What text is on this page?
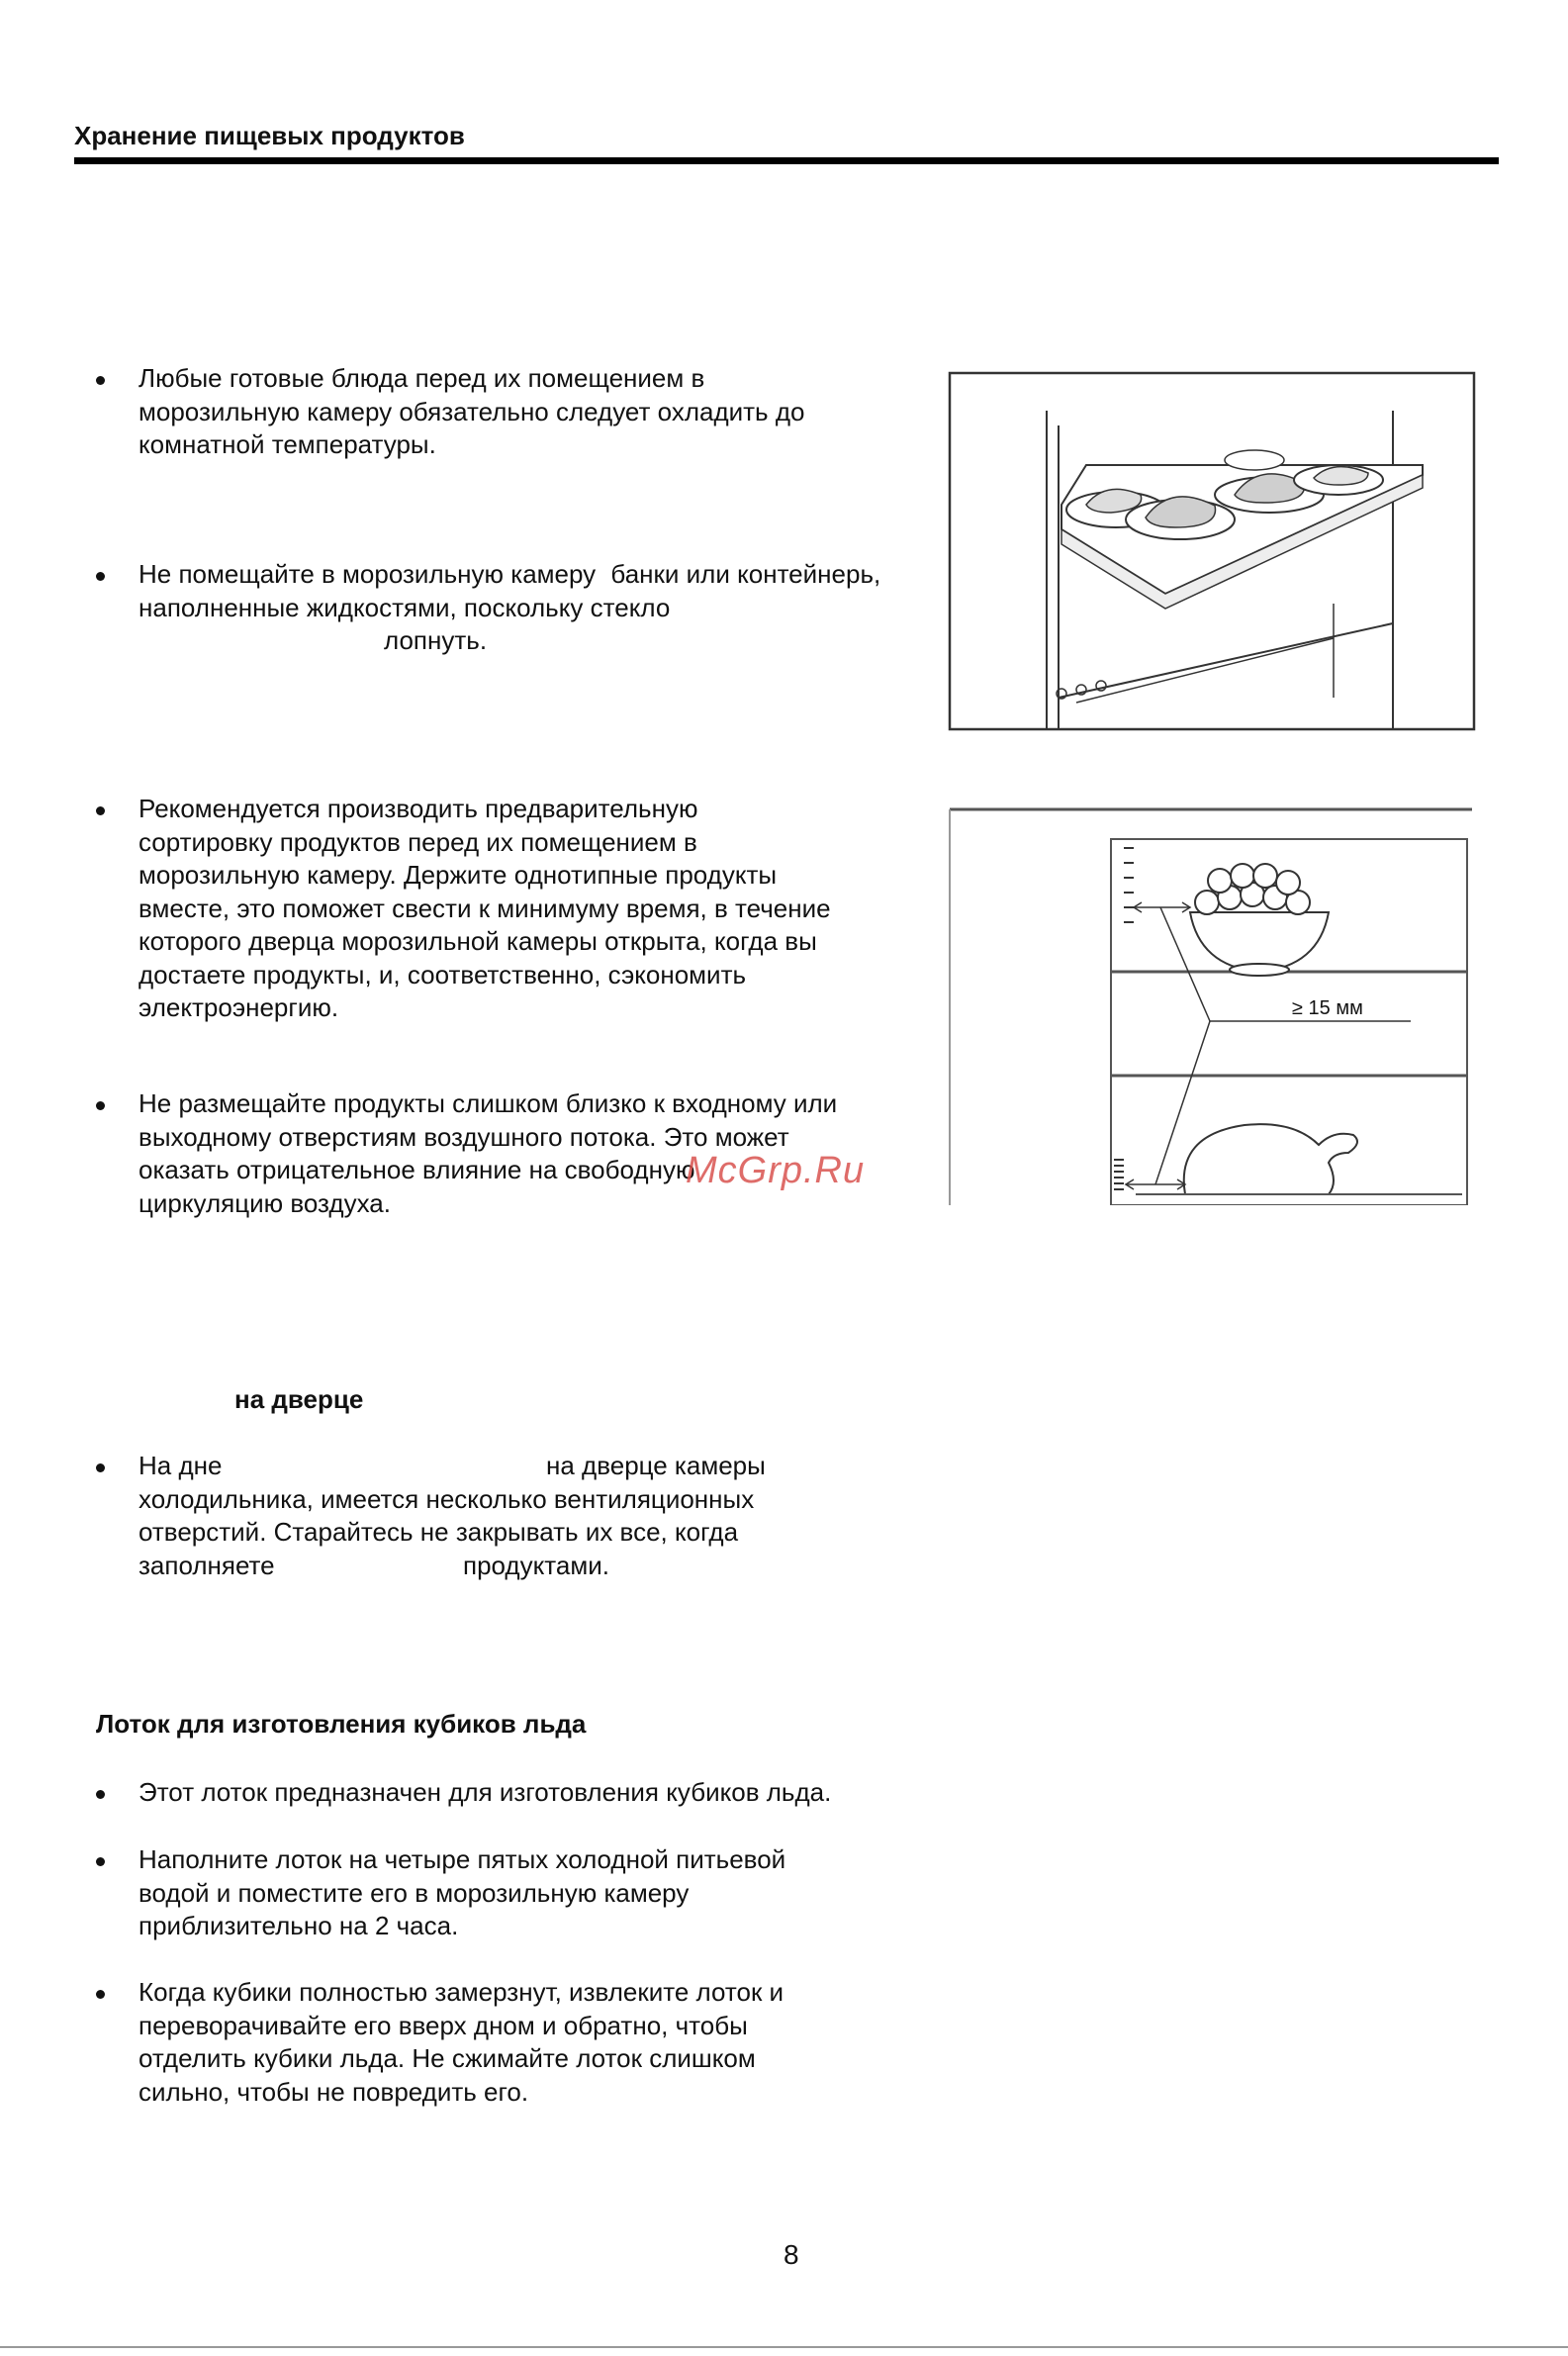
Хранение пищевых продуктов
Любые готовые блюда перед их помещением в
морозильную камеру обязательно следует охладить до
комнатной температуры.
Не помещайте в морозильную камеру банки или контейнерь,
наполненные жидкостями, поскольку стекло
лопнуть.
Рекомендуется производить предварительную
сортировку продуктов перед их помещением в
морозильную камеру. Держите однотипные продукты
вместе, это поможет свести к минимуму время, в течение
которого дверца морозильной камеры открыта, когда вы
достаете продукты, и, соответственно, сэкономить
электроэнергию.
Не размещайте продукты слишком близко к входному или
выходному отверстиям воздушного потока. Это может
оказать отрицательное влияние на свободную
циркуляцию воздуха.
на дверце
На дне	на дверце камеры
холодильника, имеется несколько вентиляционных
отверстий. Старайтесь не закрывать их все, когда
заполняете	продуктами.
Лоток для изготовления кубиков льда
Этот лоток предназначен для изготовления кубиков льда.
Наполните лоток на четыре пятых холодной питьевой
водой и поместите его в морозильную камеру
приблизительно на 2 часа.
Когда кубики полностью замерзнут, извлеките лоток и
переворачивайте его вверх дном и обратно, чтобы
отделить кубики льда. Не сжимайте лоток слишком
сильно, чтобы не повредить его.
≥ 15 мм
McGrp.Ru
8
